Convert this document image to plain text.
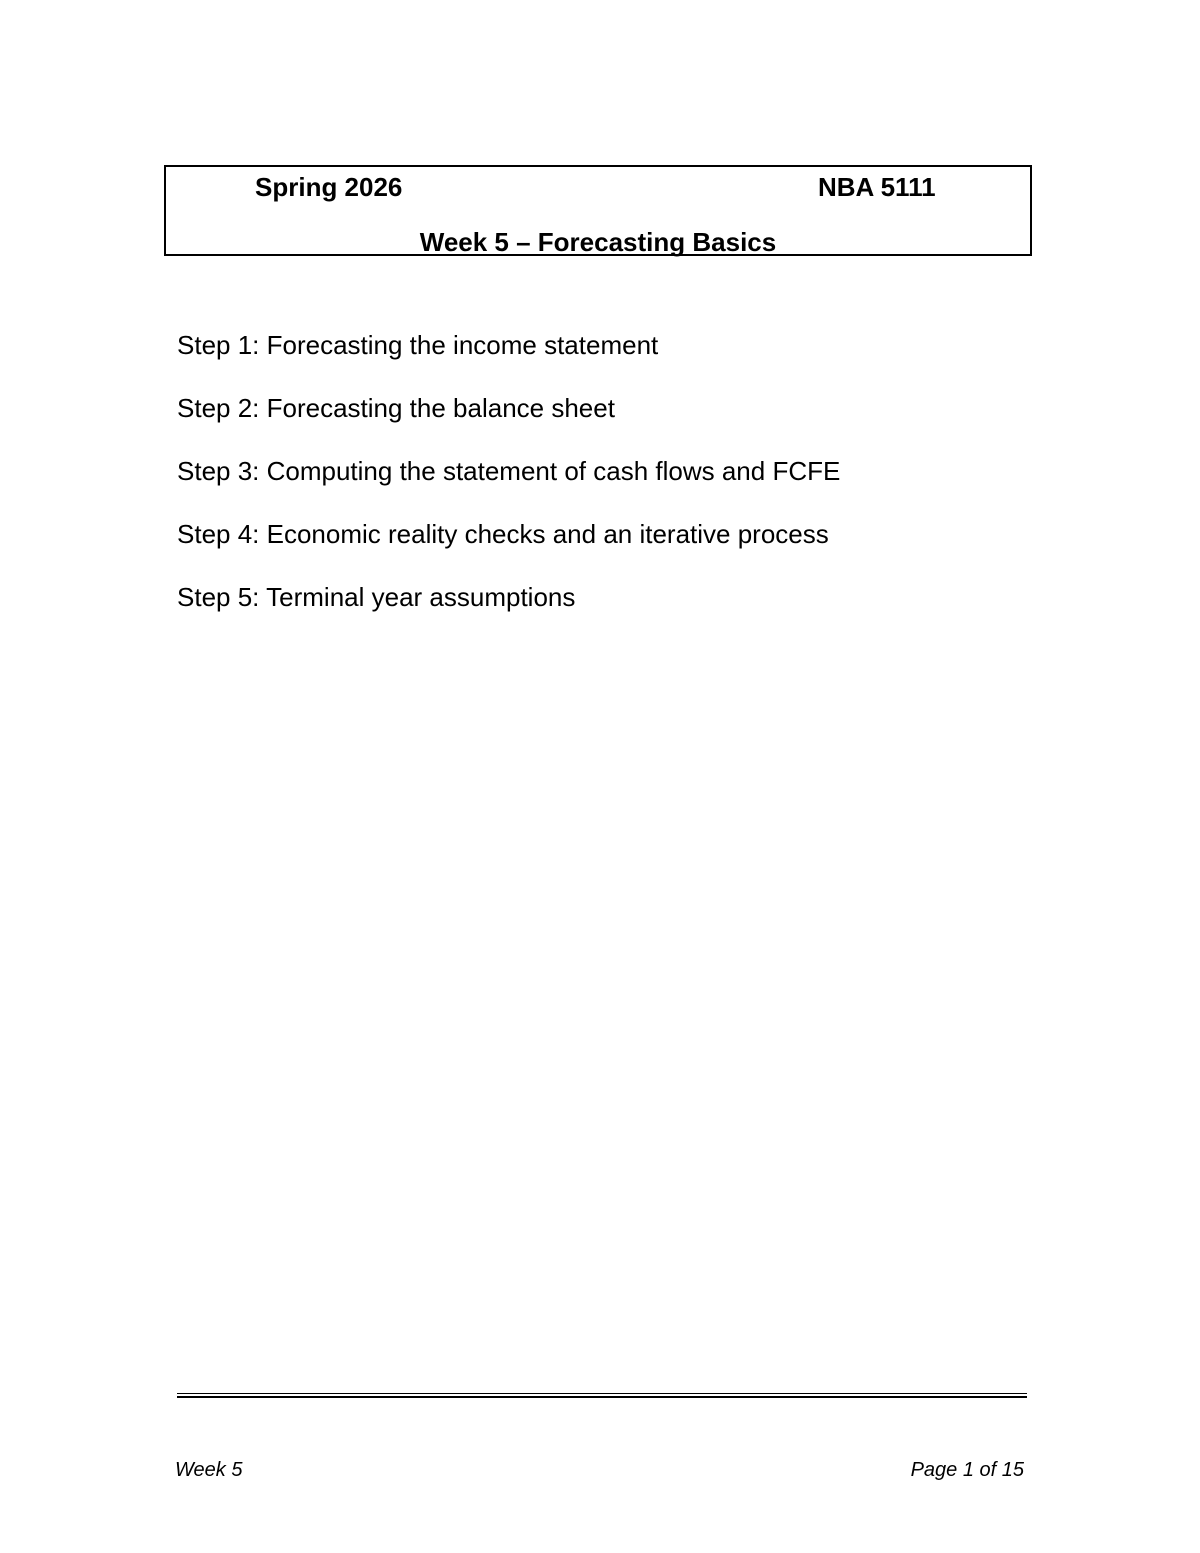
Spring 2026	NBA 5111
Week 5 – Forecasting Basics
Step 1: Forecasting the income statement
Step 2: Forecasting the balance sheet
Step 3: Computing the statement of cash flows and FCFE
Step 4: Economic reality checks and an iterative process
Step 5: Terminal year assumptions
Week 5	Page 1 of 15
